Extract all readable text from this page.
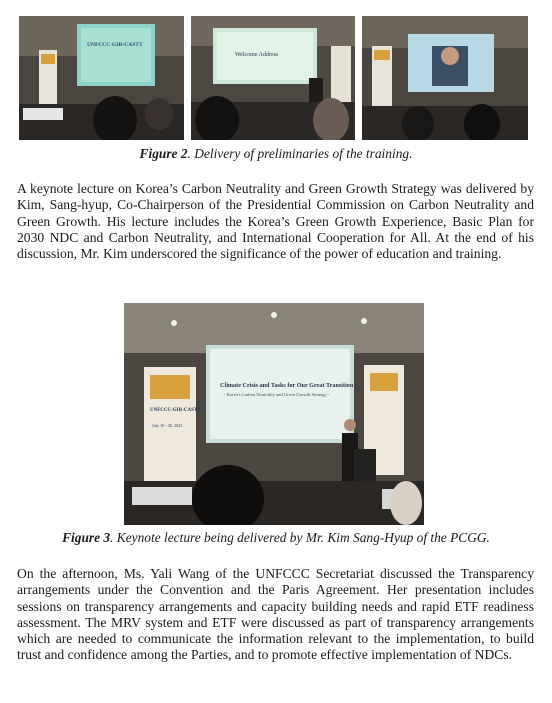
UNFCCC-GIR-CASTT
Welcome Address
Figure 2. Delivery of preliminaries of the training.

A keynote lecture on Korea’s Carbon Neutrality and Green Growth Strategy was delivered by Kim, Sang-hyup, Co-Chairperson of the Presidential Commission on Carbon Neutrality and Green Growth. His lecture includes the Korea’s Green Growth Experience, Basic Plan for 2030 NDC and Carbon Neutrality, and International Cooperation for All. At the end of his discussion, Mr. Kim underscored the significance of the power of education and training.

Climate Crisis and Tasks for Our Great Transition
- Korea's Carbon Neutrality and Green Growth Strategy -
UNFCCC-GIR-CASTT
July 10 - 20, 2023
Figure 3. Keynote lecture being delivered by Mr. Kim Sang-Hyup of the PCGG.

On the afternoon, Ms. Yali Wang of the UNFCCC Secretariat discussed the Transparency arrangements under the Convention and the Paris Agreement. Her presentation includes sessions on transparency arrangements and capacity building needs and rapid ETF readiness assessment. The MRV system and ETF were discussed as part of transparency arrangements which are needed to communicate the information relevant to the implementation, to build trust and confidence among the Parties, and to promote effective implementation of NDCs.
